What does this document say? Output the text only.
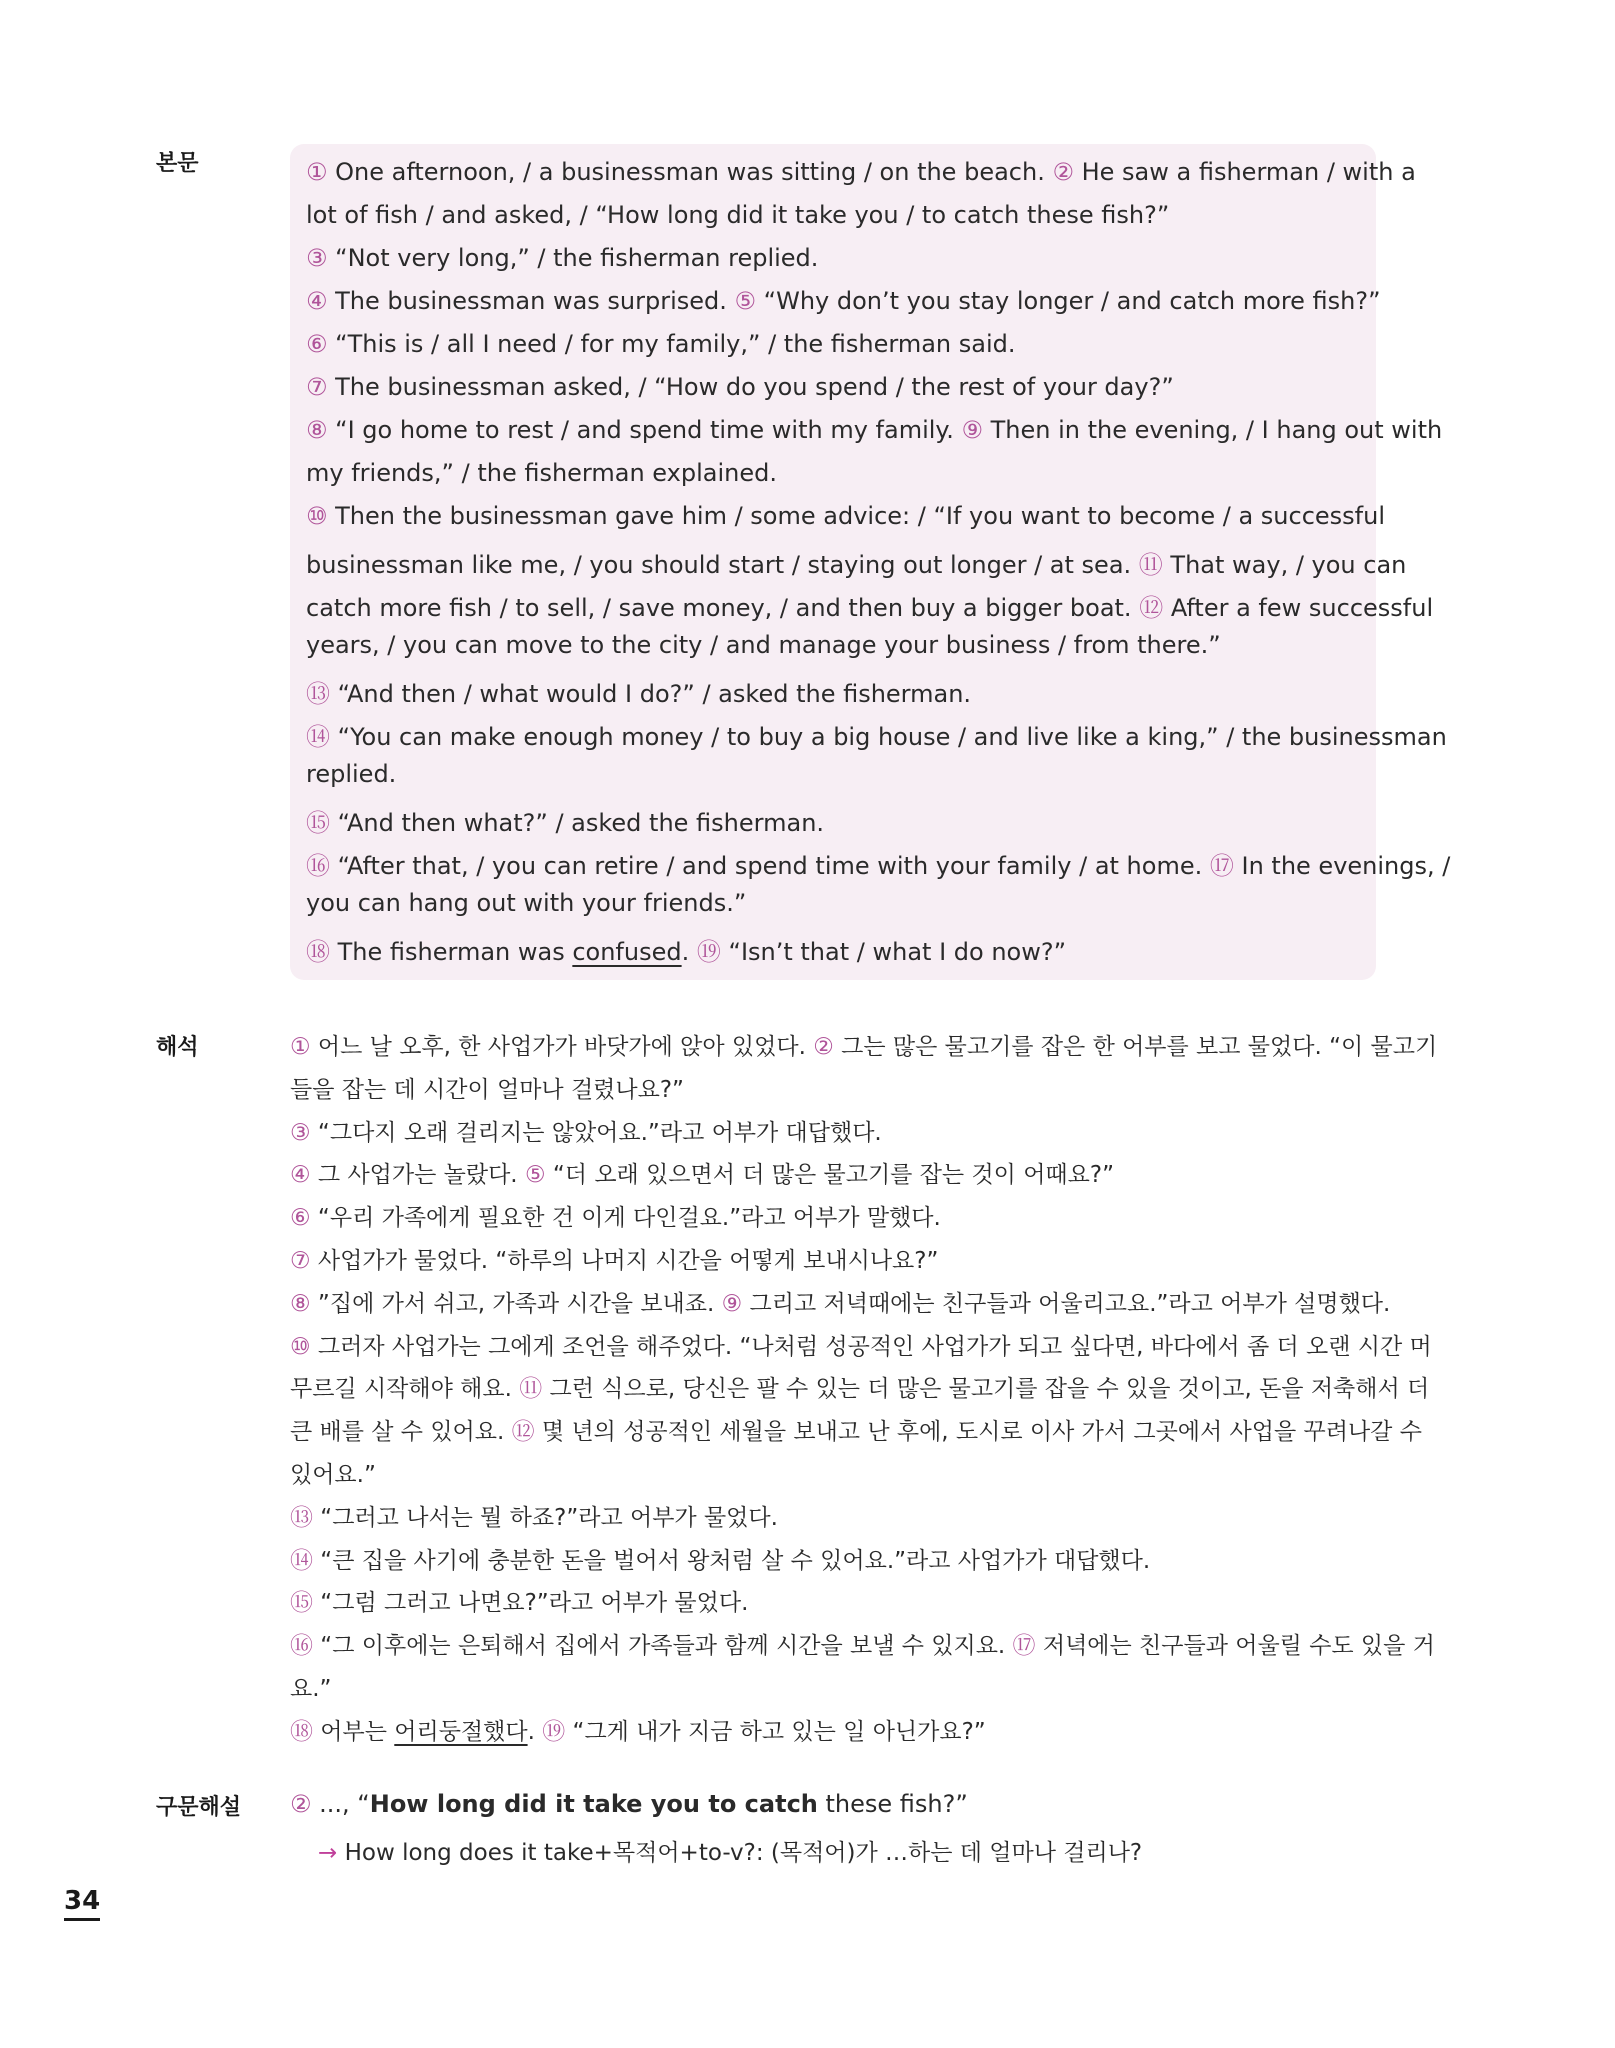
본문	① One afternoon, / a businessman was sitting / on the beach. ② He saw a fisherman / with a
lot of fish / and asked, / “How long did it take you / to catch these fish?”
③ “Not very long,” / the fisherman replied.
④ The businessman was surprised. ⑤ “Why don’t you stay longer / and catch more fish?”
⑥ “This is / all I need / for my family,” / the fisherman said.
⑦ The businessman asked, / “How do you spend / the rest of your day?”
⑧ “I go home to rest / and spend time with my family. ⑨ Then in the evening, / I hang out with
my friends,” / the fisherman explained.
⑩ Then the businessman gave him / some advice: / “If you want to become / a successful
businessman like me, / you should start / staying out longer / at sea. ⑪ That way, / you can
catch more fish / to sell, / save money, / and then buy a bigger boat. ⑫ After a few successful
years, / you can move to the city / and manage your business / from there.”
⑬ “And then / what would I do?” / asked the fisherman.
⑭ “You can make enough money / to buy a big house / and live like a king,” / the businessman
replied.
⑮ “And then what?” / asked the fisherman.
⑯ “After that, / you can retire / and spend time with your family / at home. ⑰ In the evenings, /
you can hang out with your friends.”
⑱ The fisherman was confused. ⑲ “Isn’t that / what I do now?”
해석	① 어느 날 오후, 한 사업가가 바닷가에 앉아 있었다. ② 그는 많은 물고기를 잡은 한 어부를 보고 물었다. “이 물고기
들을 잡는 데 시간이 얼마나 걸렸나요?”
③ “그다지 오래 걸리지는 않았어요.”라고 어부가 대답했다.
④ 그 사업가는 놀랐다. ⑤ “더 오래 있으면서 더 많은 물고기를 잡는 것이 어때요?”
⑥ “우리 가족에게 필요한 건 이게 다인걸요.”라고 어부가 말했다.
⑦ 사업가가 물었다. “하루의 나머지 시간을 어떻게 보내시나요?”
⑧ ”집에 가서 쉬고, 가족과 시간을 보내죠. ⑨ 그리고 저녁때에는 친구들과 어울리고요.”라고 어부가 설명했다.
⑩ 그러자 사업가는 그에게 조언을 해주었다. “나처럼 성공적인 사업가가 되고 싶다면, 바다에서 좀 더 오랜 시간 머
무르길 시작해야 해요. ⑪ 그런 식으로, 당신은 팔 수 있는 더 많은 물고기를 잡을 수 있을 것이고, 돈을 저축해서 더
큰 배를 살 수 있어요. ⑫ 몇 년의 성공적인 세월을 보내고 난 후에, 도시로 이사 가서 그곳에서 사업을 꾸려나갈 수
있어요.”
⑬ “그러고 나서는 뭘 하죠?”라고 어부가 물었다.
⑭ “큰 집을 사기에 충분한 돈을 벌어서 왕처럼 살 수 있어요.”라고 사업가가 대답했다.
⑮ “그럼 그러고 나면요?”라고 어부가 물었다.
⑯ “그 이후에는 은퇴해서 집에서 가족들과 함께 시간을 보낼 수 있지요. ⑰ 저녁에는 친구들과 어울릴 수도 있을 거
요.”
⑱ 어부는 어리둥절했다. ⑲ “그게 내가 지금 하고 있는 일 아닌가요?”
구문해설 ② ..., “How long did it take you to catch these fish?”
→ How long does it take+목적어+to-v?: (목적어)가 …하는 데 얼마나 걸리나?
34
